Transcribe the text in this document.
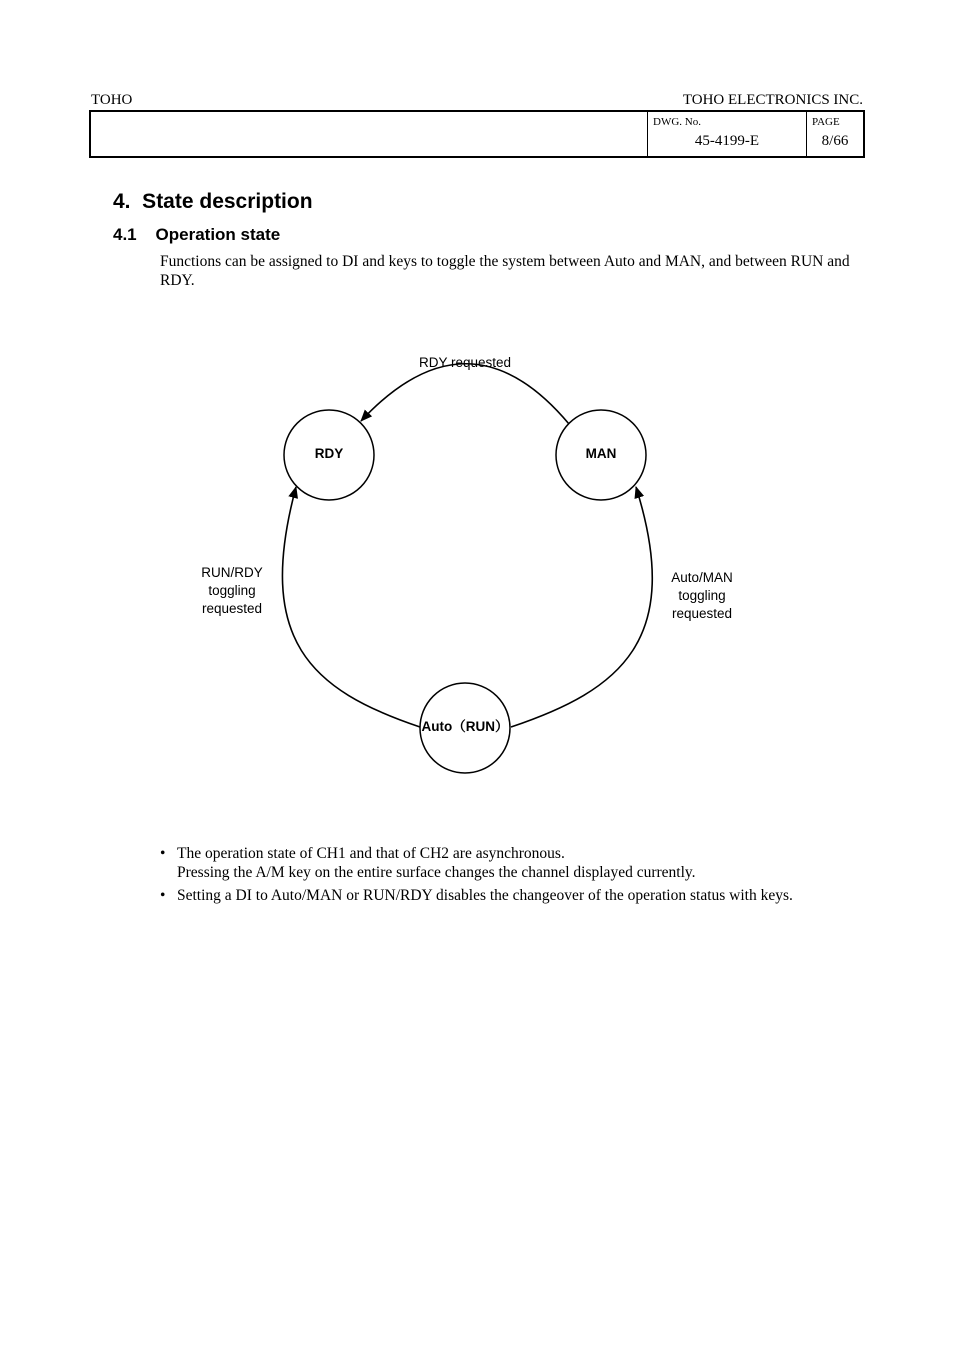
TOHO	TOHO ELECTRONICS INC.
DWG. No.
45-4199-E
PAGE
8/66
4.  State description
4.1    Operation state

Functions can be assigned to DI and keys to toggle the system between Auto and MAN, and between RUN and RDY.

RDY	MAN
Auto（RUN）
RDY requested
RUN/RDY
toggling
requested
Auto/MAN
toggling
requested
• The operation state of CH1 and that of CH2 are asynchronous.
Pressing the A/M key on the entire surface changes the channel displayed currently.
• Setting a DI to Auto/MAN or RUN/RDY disables the changeover of the operation status with keys.
